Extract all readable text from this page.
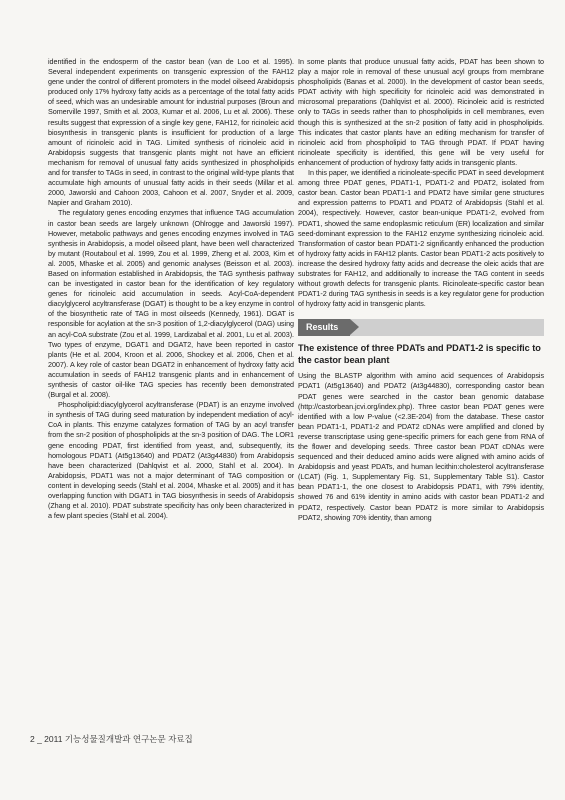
identified in the endosperm of the castor bean (van de Loo et al. 1995). Several independent experiments on transgenic expression of the FAH12 gene under the control of different promoters in the model oilseed Arabidopsis produced only 17% hydroxy fatty acids as a percentage of the total fatty acids of seed, which was an undesirable amount for industrial purposes (Broun and Somerville 1997, Smith et al. 2003, Kumar et al. 2006, Lu et al. 2006). These results suggest that expression of a single key gene, FAH12, for ricinoleic acid biosynthesis in transgenic plants is insufficient for production of a large amount of ricinoleic acid in TAG. Limited synthesis of ricinoleic acid in Arabidopsis suggests that transgenic plants might not have an efficient mechanism for removal of unusual fatty acids synthesized in phospholipids and for transfer to TAGs in seed, in contrast to the original wild-type plants that accumulate high amounts of unusual fatty acids in their seeds (Millar et al. 2000, Jaworski and Cahoon 2003, Cahoon et al. 2007, Snyder et al. 2009, Napier and Graham 2010).

The regulatory genes encoding enzymes that influence TAG accumulation in castor bean seeds are largely unknown (Ohlrogge and Jaworski 1997). However, metabolic pathways and genes encoding enzymes involved in TAG synthesis in Arabidopsis, a model oilseed plant, have been well characterized by mutant (Routaboul et al. 1999, Zou et al. 1999, Zheng et al. 2003, Kim et al. 2005, Mhaske et al. 2005) and genomic analyses (Beisson et al. 2003). Based on information established in Arabidopsis, the TAG synthesis pathway can be investigated in castor bean for the identification of key regulatory genes for ricinoleic acid accumulation in seeds. Acyl-CoA-dependent diacylglycerol acyltransferase (DGAT) is thought to be a key enzyme in control of the biosynthetic rate of TAG in most oilseeds (Kennedy, 1961). DGAT is responsible for acylation at the sn-3 position of 1,2-diacylglycerol (DAG) using an acyl-CoA substrate (Zou et al. 1999, Lardizabal et al. 2001, Lu et al. 2003). Two types of enzyme, DGAT1 and DGAT2, have been reported in castor plants (He et al. 2004, Kroon et al. 2006, Shockey et al. 2006, Chen et al. 2007). A key role of castor bean DGAT2 in enhancement of hydroxy fatty acid accumulation in seeds of FAH12 transgenic plants and in enhancement of synthesis of castor oil-like TAG species has recently been demonstrated (Burgal et al. 2008).

Phospholipid:diacylglycerol acyltransferase (PDAT) is an enzyme involved in synthesis of TAG during seed maturation by independent mediation of acyl-CoA in plants. This enzyme catalyzes formation of TAG by an acyl transfer from the sn-2 position of phospholipids at the sn-3 position of DAG. The LOR1 gene encoding PDAT, first identified from yeast, and, subsequently, its homologous PDAT1 (At5g13640) and PDAT2 (At3g44830) from Arabidopsis have been characterized (Dahlqvist et al. 2000, Stahl et al. 2004). In Arabidopsis, PDAT1 was not a major determinant of TAG composition or content in developing seeds (Stahl et al. 2004, Mhaske et al. 2005) and it has overlapping function with DGAT1 in TAG biosynthesis in seeds of Arabidopsis (Zhang et al. 2010). PDAT substrate specificity has only been characterized in a few plant species (Stahl et al. 2004).

In some plants that produce unusual fatty acids, PDAT has been shown to play a major role in removal of these unusual acyl groups from membrane phospholipids (Banas et al. 2000). In the development of castor bean seeds, PDAT activity with high specificity for ricinoleic acid was demonstrated in microsomal preparations (Dahlqvist et al. 2000). Ricinoleic acid is restricted only to TAGs in seeds rather than to phospholipids in cell membranes, even though this is synthesized at the sn-2 position of fatty acid in phospholipids. This indicates that castor plants have an editing mechanism for transfer of ricinoleic acid from phospholipid to TAG through PDAT. If PDAT having ricinoleate specificity is identified, this gene will be very useful for enhancement of production of hydroxy fatty acids in transgenic plants.

In this paper, we identified a ricinoleate-specific PDAT in seed development among three PDAT genes, PDAT1-1, PDAT1-2 and PDAT2, isolated from castor bean. Castor bean PDAT1-1 and PDAT2 have similar gene structures and expression patterns to PDAT1 and PDAT2 of Arabidopsis (Stahl et al. 2004), respectively. However, castor bean-unique PDAT1-2, evolved from PDAT1, showed the same endoplasmic reticulum (ER) localization and similar seed-dominant expression to the FAH12 enzyme synthesizing ricinoleic acid. Transformation of castor bean PDAT1-2 significantly enhanced the production of hydroxy fatty acids in FAH12 plants. Castor bean PDAT1-2 acts positively to increase the desired hydroxy fatty acids and decrease the oleic acids that are substrates for FAH12, and additionally to increase the TAG content in seeds without growth defects for transgenic plants. Ricinoleate-specific castor bean PDAT1-2 during TAG synthesis in seeds is a key regulator gene for production of hydroxy fatty acid in transgenic plants.

Results
The existence of three PDATs and PDAT1-2 is specific to the castor bean plant

Using the BLASTP algorithm with amino acid sequences of Arabidopsis PDAT1 (At5g13640) and PDAT2 (At3g44830), corresponding castor bean PDAT genes were searched in the castor bean genomic database (http://castorbean.jcvi.org/index.php). Three castor bean PDAT genes were identified with a low P-value (<2.3E-204) from the database. These castor bean PDAT1-1, PDAT1-2 and PDAT2 cDNAs were amplified and cloned by reverse transcriptase using gene-specific primers for each gene from RNA of the flower and developing seeds. Three castor bean PDAT cDNAs were sequenced and their deduced amino acids were aligned with amino acids of Arabidopsis and yeast PDATs, and human lecithin:cholesterol acyltransferase (LCAT) (Fig. 1, Supplementary Fig. S1, Supplementary Table S1). Castor bean PDAT1-1, the one closest to Arabidopsis PDAT1, with 79% identity, showed 76 and 61% identity in amino acids with castor bean PDAT1-2 and PDAT2, respectively. Castor bean PDAT2 is more similar to Arabidopsis PDAT2, showing 70% identity, than among

2 _ 2011 기능성물질개발과 연구논문 자료집
